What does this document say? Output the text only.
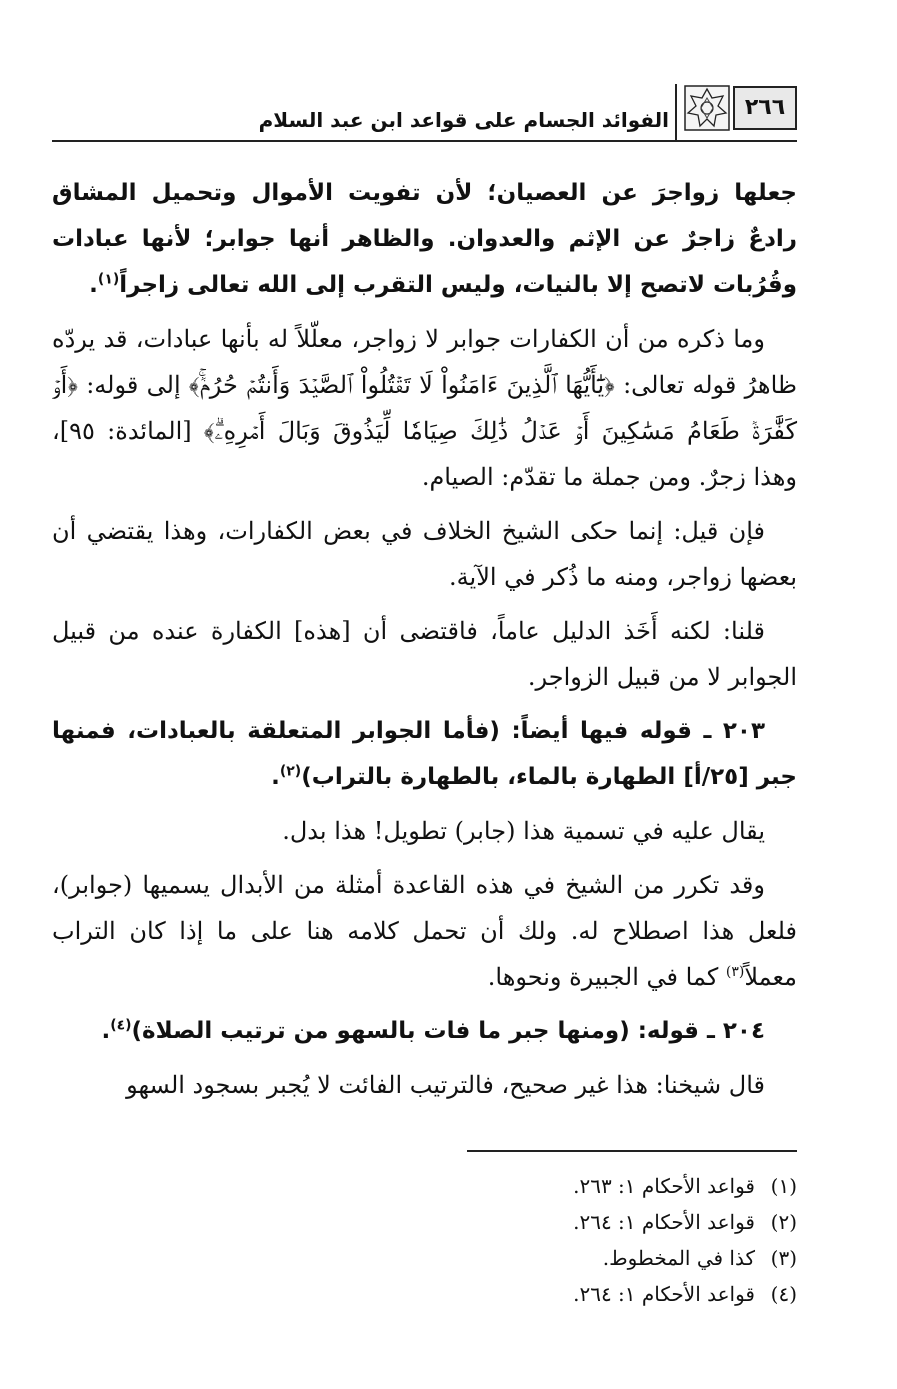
٢٦٦
الفوائد الجسام على قواعد ابن عبد السلام

جعلها زواجرَ عن العصيان؛ لأن تفويت الأموال وتحميل المشاق رادعٌ زاجرٌ عن الإثم والعدوان. والظاهر أنها جوابر؛ لأنها عبادات وقُرُبات لاتصح إلا بالنيات، وليس التقرب إلى الله تعالى زاجراً$^{(١)}$.

وما ذكره من أن الكفارات جوابر لا زواجر، معلّلاً له بأنها عبادات، قد يردّه ظاهرُ قوله تعالى: ﴿يَٰٓأَيُّهَا ٱلَّذِينَ ءَامَنُواْ لَا تَقۡتُلُواْ ٱلصَّيۡدَ وَأَنتُمۡ حُرُمٞۚ﴾ إلى قوله: ﴿أَوۡ كَفَّٰرَةٞ طَعَامُ مَسَٰكِينَ أَوۡ عَدۡلُ ذَٰلِكَ صِيَامٗا لِّيَذُوقَ وَبَالَ أَمۡرِهِۦۗ﴾ [المائدة: ٩٥]، وهذا زجرٌ. ومن جملة ما تقدّم: الصيام.

فإن قيل: إنما حكى الشيخ الخلاف في بعض الكفارات، وهذا يقتضي أن بعضها زواجر، ومنه ما ذُكر في الآية.

قلنا: لكنه أَخَذ الدليل عاماً، فاقتضى أن [هذه] الكفارة عنده من قبيل الجوابر لا من قبيل الزواجر.

٢٠٣ ـ قوله فيها أيضاً: (فأما الجوابر المتعلقة بالعبادات، فمنها جبر [٢٥/أ] الطهارة بالماء، بالطهارة بالتراب)$^{(٢)}$.

يقال عليه في تسمية هذا (جابر) تطويل! هذا بدل.

وقد تكرر من الشيخ في هذه القاعدة أمثلة من الأبدال يسميها (جوابر)، فلعل هذا اصطلاح له. ولك أن تحمل كلامه هنا على ما إذا كان التراب معملاً$^{(٣)}$ كما في الجبيرة ونحوها.

٢٠٤ ـ قوله: (ومنها جبر ما فات بالسهو من ترتيب الصلاة)$^{(٤)}$.

قال شيخنا: هذا غير صحيح، فالترتيب الفائت لا يُجبر بسجود السهو

(١)قواعد الأحكام ١: ٢٦٣.
(٢)قواعد الأحكام ١: ٢٦٤.
(٣)كذا في المخطوط.
(٤)قواعد الأحكام ١: ٢٦٤.
